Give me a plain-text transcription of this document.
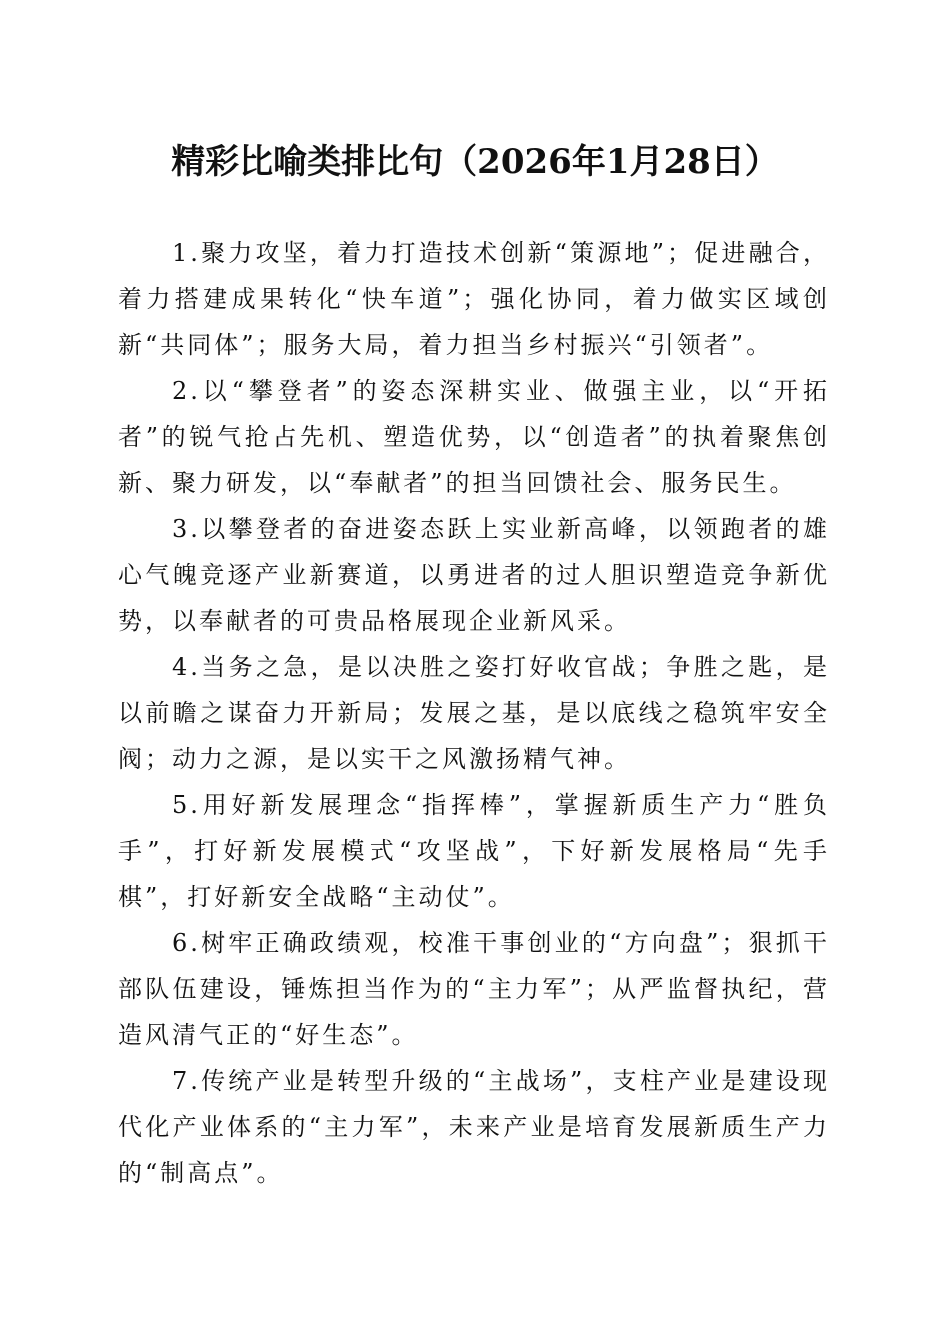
精彩比喻类排比句（2026年1月28日）

1.聚力攻坚，着力打造技术创新“策源地”；促进融合，着力搭建成果转化“快车道”；强化协同，着力做实区域创新“共同体”；服务大局，着力担当乡村振兴“引领者”。

2.以“攀登者”的姿态深耕实业、做强主业，以“开拓者”的锐气抢占先机、塑造优势，以“创造者”的执着聚焦创新、聚力研发，以“奉献者”的担当回馈社会、服务民生。

3.以攀登者的奋进姿态跃上实业新高峰，以领跑者的雄心气魄竞逐产业新赛道，以勇进者的过人胆识塑造竞争新优势，以奉献者的可贵品格展现企业新风采。

4.当务之急，是以决胜之姿打好收官战；争胜之匙，是以前瞻之谋奋力开新局；发展之基，是以底线之稳筑牢安全阀；动力之源，是以实干之风激扬精气神。

5.用好新发展理念“指挥棒”，掌握新质生产力“胜负手”，打好新发展模式“攻坚战”，下好新发展格局“先手棋”，打好新安全战略“主动仗”。

6.树牢正确政绩观，校准干事创业的“方向盘”；狠抓干部队伍建设，锤炼担当作为的“主力军”；从严监督执纪，营造风清气正的“好生态”。

7.传统产业是转型升级的“主战场”，支柱产业是建设现代化产业体系的“主力军”，未来产业是培育发展新质生产力的“制高点”。
